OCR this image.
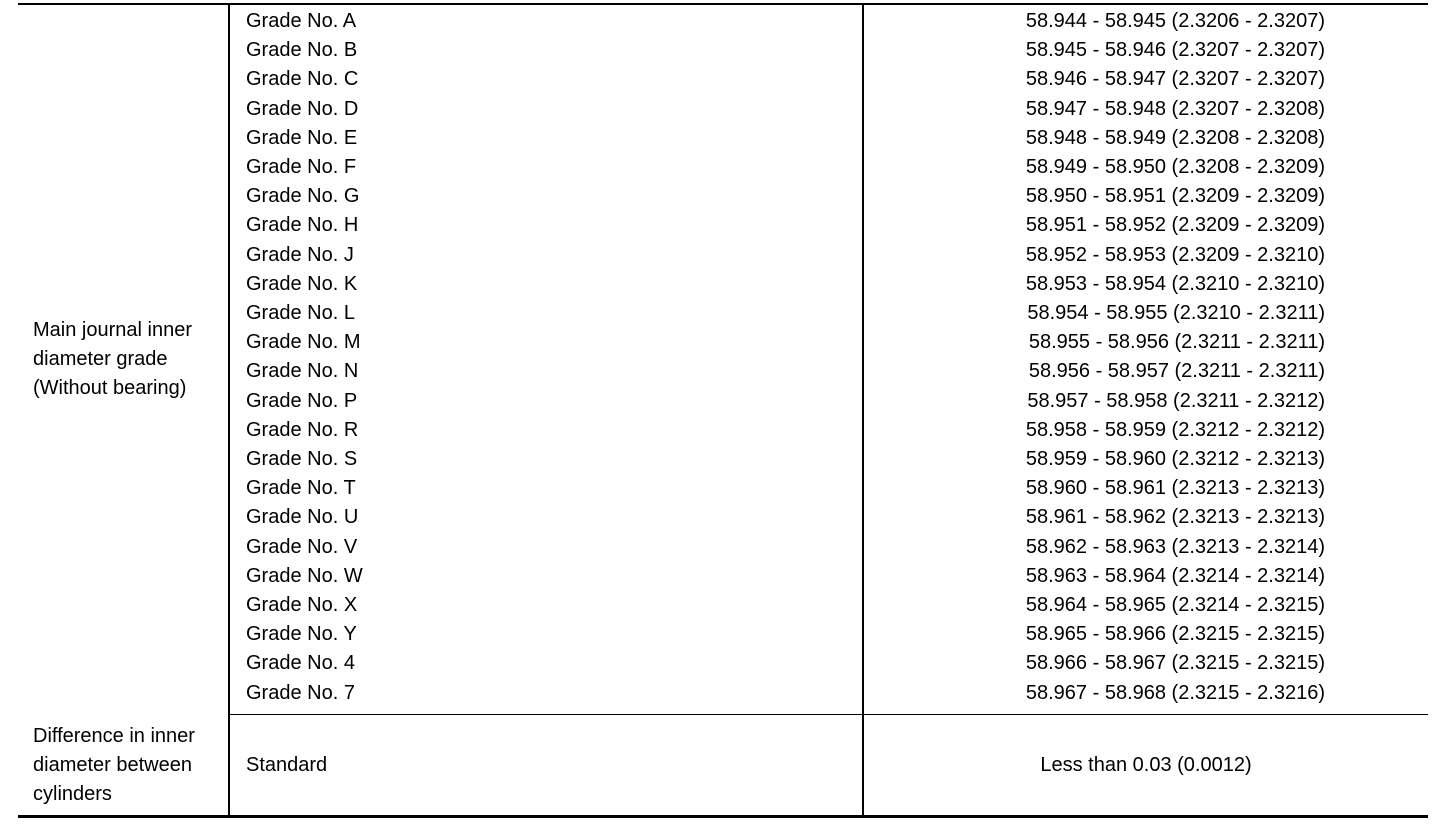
Main journal inner
diameter grade
(Without bearing)	Grade No. A	58.944 - 58.945 (2.3206 - 2.3207)
	Grade No. B	58.945 - 58.946 (2.3207 - 2.3207)
	Grade No. C	58.946 - 58.947 (2.3207 - 2.3207)
	Grade No. D	58.947 - 58.948 (2.3207 - 2.3208)
	Grade No. E	58.948 - 58.949 (2.3208 - 2.3208)
	Grade No. F	58.949 - 58.950 (2.3208 - 2.3209)
	Grade No. G	58.950 - 58.951 (2.3209 - 2.3209)
	Grade No. H	58.951 - 58.952 (2.3209 - 2.3209)
	Grade No. J	58.952 - 58.953 (2.3209 - 2.3210)
	Grade No. K	58.953 - 58.954 (2.3210 - 2.3210)
	Grade No. L	58.954 - 58.955 (2.3210 - 2.3211)
	Grade No. M	58.955 - 58.956 (2.3211 - 2.3211)
	Grade No. N	58.956 - 58.957 (2.3211 - 2.3211)
	Grade No. P	58.957 - 58.958 (2.3211 - 2.3212)
	Grade No. R	58.958 - 58.959 (2.3212 - 2.3212)
	Grade No. S	58.959 - 58.960 (2.3212 - 2.3213)
	Grade No. T	58.960 - 58.961 (2.3213 - 2.3213)
	Grade No. U	58.961 - 58.962 (2.3213 - 2.3213)
	Grade No. V	58.962 - 58.963 (2.3213 - 2.3214)
	Grade No. W	58.963 - 58.964 (2.3214 - 2.3214)
	Grade No. X	58.964 - 58.965 (2.3214 - 2.3215)
	Grade No. Y	58.965 - 58.966 (2.3215 - 2.3215)
	Grade No. 4	58.966 - 58.967 (2.3215 - 2.3215)
	Grade No. 7	58.967 - 58.968 (2.3215 - 2.3216)

Difference in inner
diameter between
cylinders	Standard	Less than 0.03 (0.0012)
